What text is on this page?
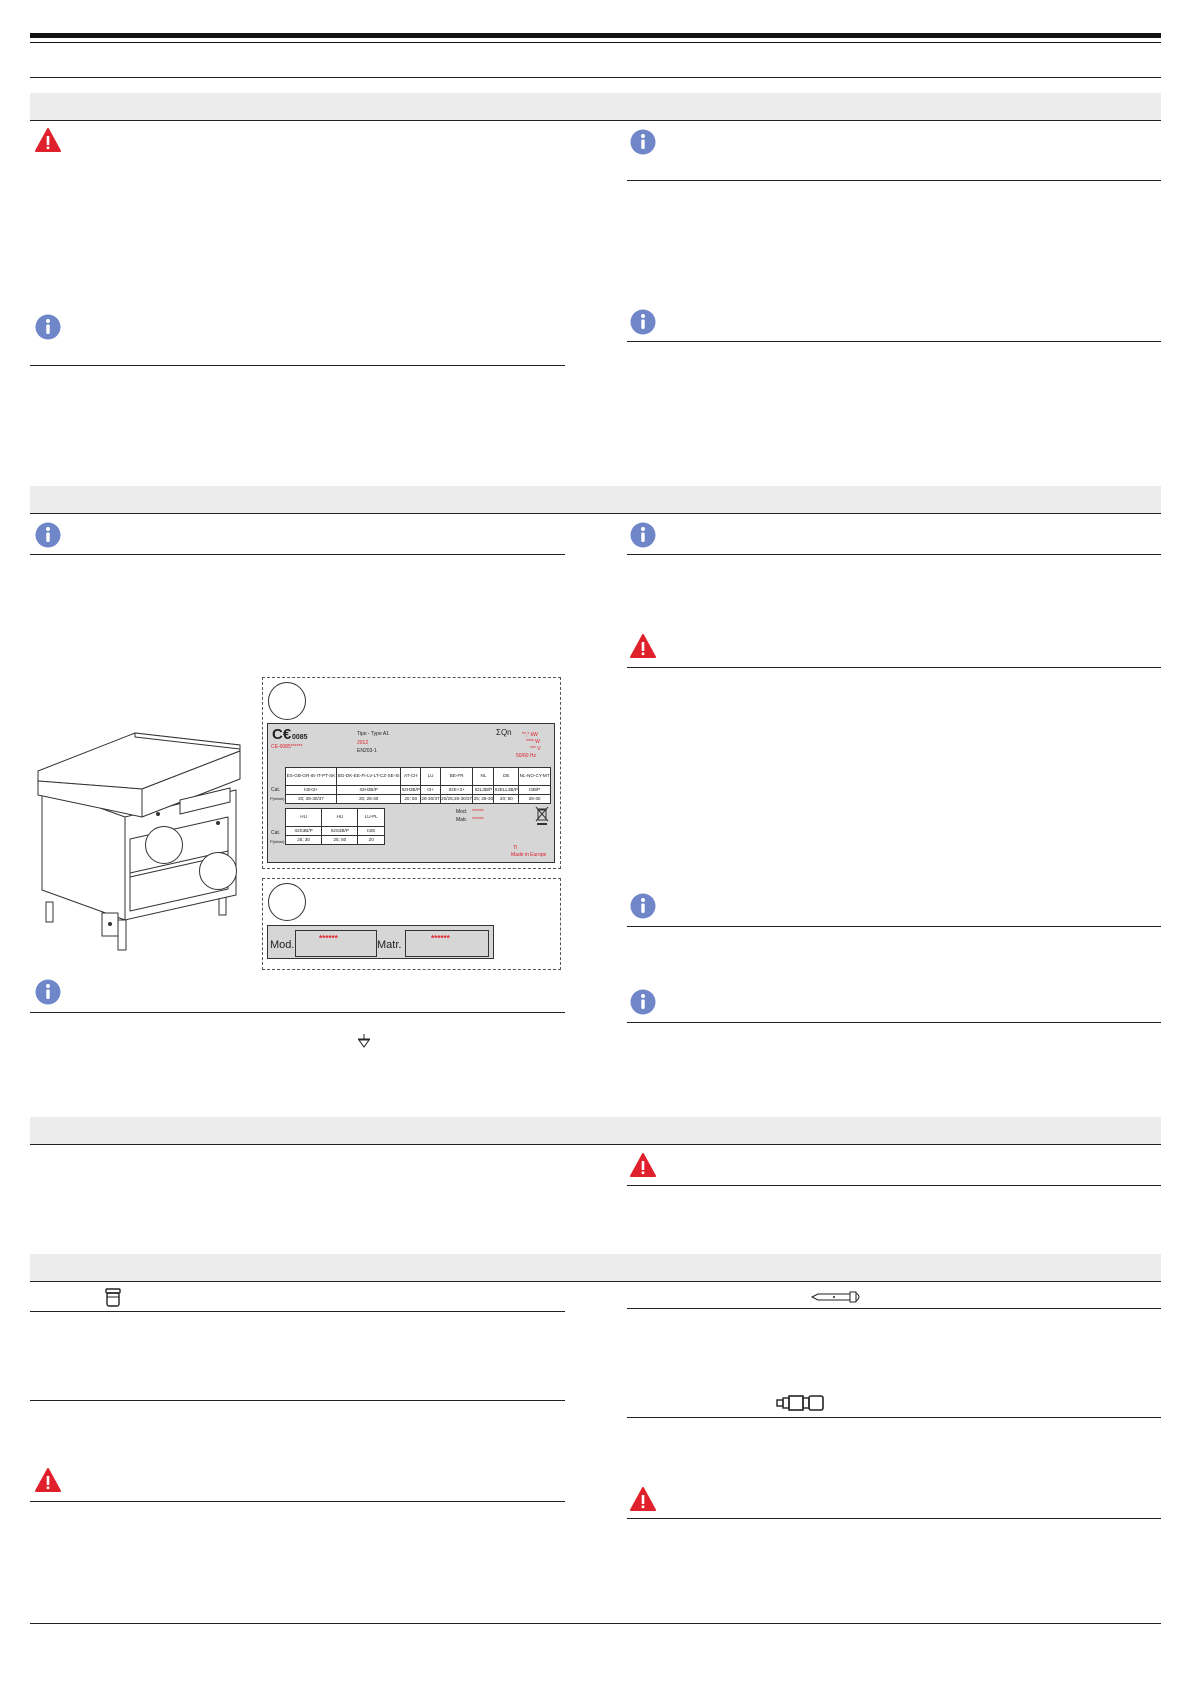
C€ 0085
CE-0085******
Tipo - Type A1
2012
EN203-1
ΣQn **,* kW
**** W
*** V
50/60 Hz
Cat.
P(mbar)
ES-GB-GR-IE-IT-PT-SK	BG-DK-EE-FI-LV-LT-CZ-SE-SI	AT-CH	LU	BE-FR	NL	DE	NL-NO-CY-MT
II2H3+	II2H3B/P	II2H3B/P	I3+	II2E+3+	II2L3B/P	II2ELL3B/P	I3B/P
20; 28-30/37	20; 28-30	20; 50	28-30/37	20/25;28-30/37	25; 28-30	20; 50	28-30
Cat.
P(mbar)
HU	HU	LU-PL
II2S3B/P	II2S3B/P	II2E
25; 30	25; 50	20
Mod. ******
Matr. ******
TI
Made in Europe
Mod.
******
Matr.
******
